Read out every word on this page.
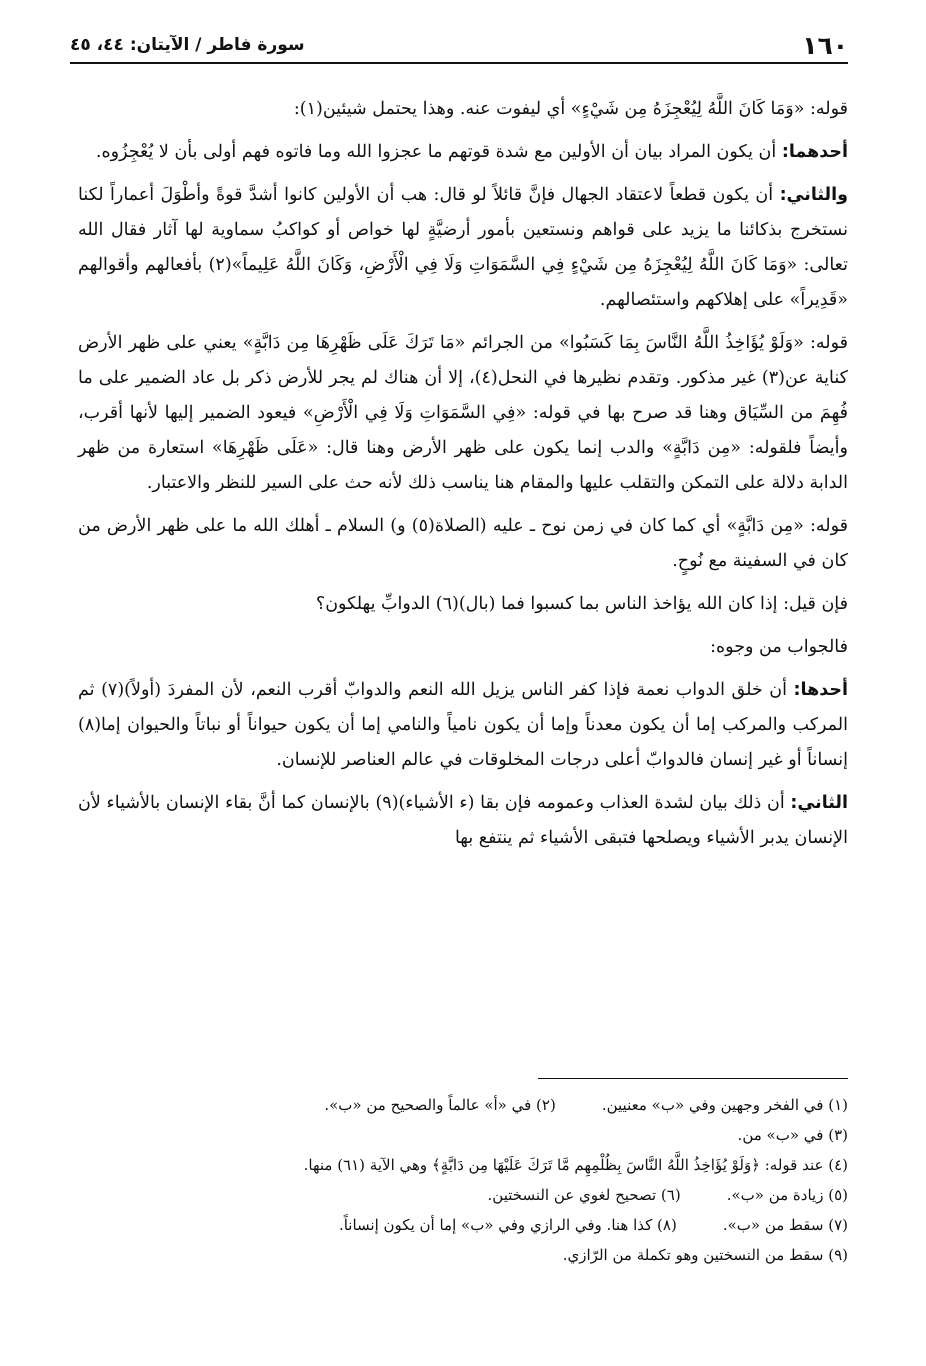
١٦٠
سورة فاطر / الآيتان: ٤٤، ٤٥

قوله: «وَمَا كَانَ اللَّهُ لِيُعْجِزَهُ مِن شَيْءٍ» أي ليفوت عنه. وهذا يحتمل شيئين(١):

أحدهما: أن يكون المراد بيان أن الأولين مع شدة قوتهم ما عجزوا الله وما فاتوه فهم أولى بأن لا يُعْجِزُوه.

والثاني: أن يكون قطعاً لاعتقاد الجهال فإنَّ قائلاً لو قال: هب أن الأولين كانوا أشدَّ قوةً وأطْوَلَ أعماراً لكنا نستخرج بذكائنا ما يزيد على قواهم ونستعين بأمور أرضيَّةٍ لها خواص أو كواكبُ سماوية لها آثار فقال الله تعالى: «وَمَا كَانَ اللَّهُ لِيُعْجِزَهُ مِن شَيْءٍ فِي السَّمَوَاتِ وَلَا فِي الْأَرْضِ، وَكَانَ اللَّهُ عَلِيماً»(٢) بأفعالهم وأقوالهم «قَدِيراً» على إهلاكهم واستئصالهم.

قوله: «وَلَوْ يُؤَاخِذُ اللَّهُ النَّاسَ بِمَا كَسَبُوا» من الجرائم «مَا تَرَكَ عَلَى ظَهْرِهَا مِن دَابَّةٍ» يعني على ظهر الأرض كناية عن(٣) غير مذكور. وتقدم نظيرها في النحل(٤)، إلا أن هناك لم يجر للأرض ذكر بل عاد الضمير على ما فُهِمَ من السِّيَاق وهنا قد صرح بها في قوله: «فِي السَّمَوَاتِ وَلَا فِي الْأَرْضِ» فيعود الضمير إليها لأنها أقرب، وأيضاً فلقوله: «مِن دَابَّةٍ» والدب إنما يكون على ظهر الأرض وهنا قال: «عَلَى ظَهْرِهَا» استعارة من ظهر الدابة دلالة على التمكن والتقلب عليها والمقام هنا يناسب ذلك لأنه حث على السير للنظر والاعتبار.

قوله: «مِن دَابَّةٍ» أي كما كان في زمن نوح ـ عليه (الصلاة(٥) و) السلام ـ أهلك الله ما على ظهر الأرض من كان في السفينة مع نُوحٍ.

فإن قيل: إذا كان الله يؤاخذ الناس بما كسبوا فما (بال)(٦) الدوابِّ يهلكون؟

فالجواب من وجوه:

أحدها: أن خلق الدواب نعمة فإذا كفر الناس يزيل الله النعم والدوابّ أقرب النعم، لأن المفردَ (أولاً)(٧) ثم المركب والمركب إما أن يكون معدناً وإما أن يكون نامياً والنامي إما أن يكون حيواناً أو نباتاً والحيوان إما(٨) إنساناً أو غير إنسان فالدوابّ أعلى درجات المخلوقات في عالم العناصر للإنسان.

الثاني: أن ذلك بيان لشدة العذاب وعمومه فإن بقا (ء الأشياء)(٩) بالإنسان كما أنَّ بقاء الإنسان بالأشياء لأن الإنسان يدبر الأشياء ويصلحها فتبقى الأشياء ثم ينتفع بها

(١) في الفخر وجهين وفي «ب» معنيين.
(٢) في «أ» عالماً والصحيح من «ب».
(٣) في «ب» من.
(٤) عند قوله: ﴿وَلَوْ يُؤَاخِذُ اللَّهُ النَّاسَ بِظُلْمِهِم مَّا تَرَكَ عَلَيْهَا مِن دَابَّةٍ﴾ وهي الآية (٦١) منها.
(٥) زيادة من «ب».
(٦) تصحيح لغوي عن النسختين.
(٧) سقط من «ب».
(٨) كذا هنا. وفي الرازي وفي «ب» إما أن يكون إنساناً.
(٩) سقط من النسختين وهو تكملة من الرّازي.
